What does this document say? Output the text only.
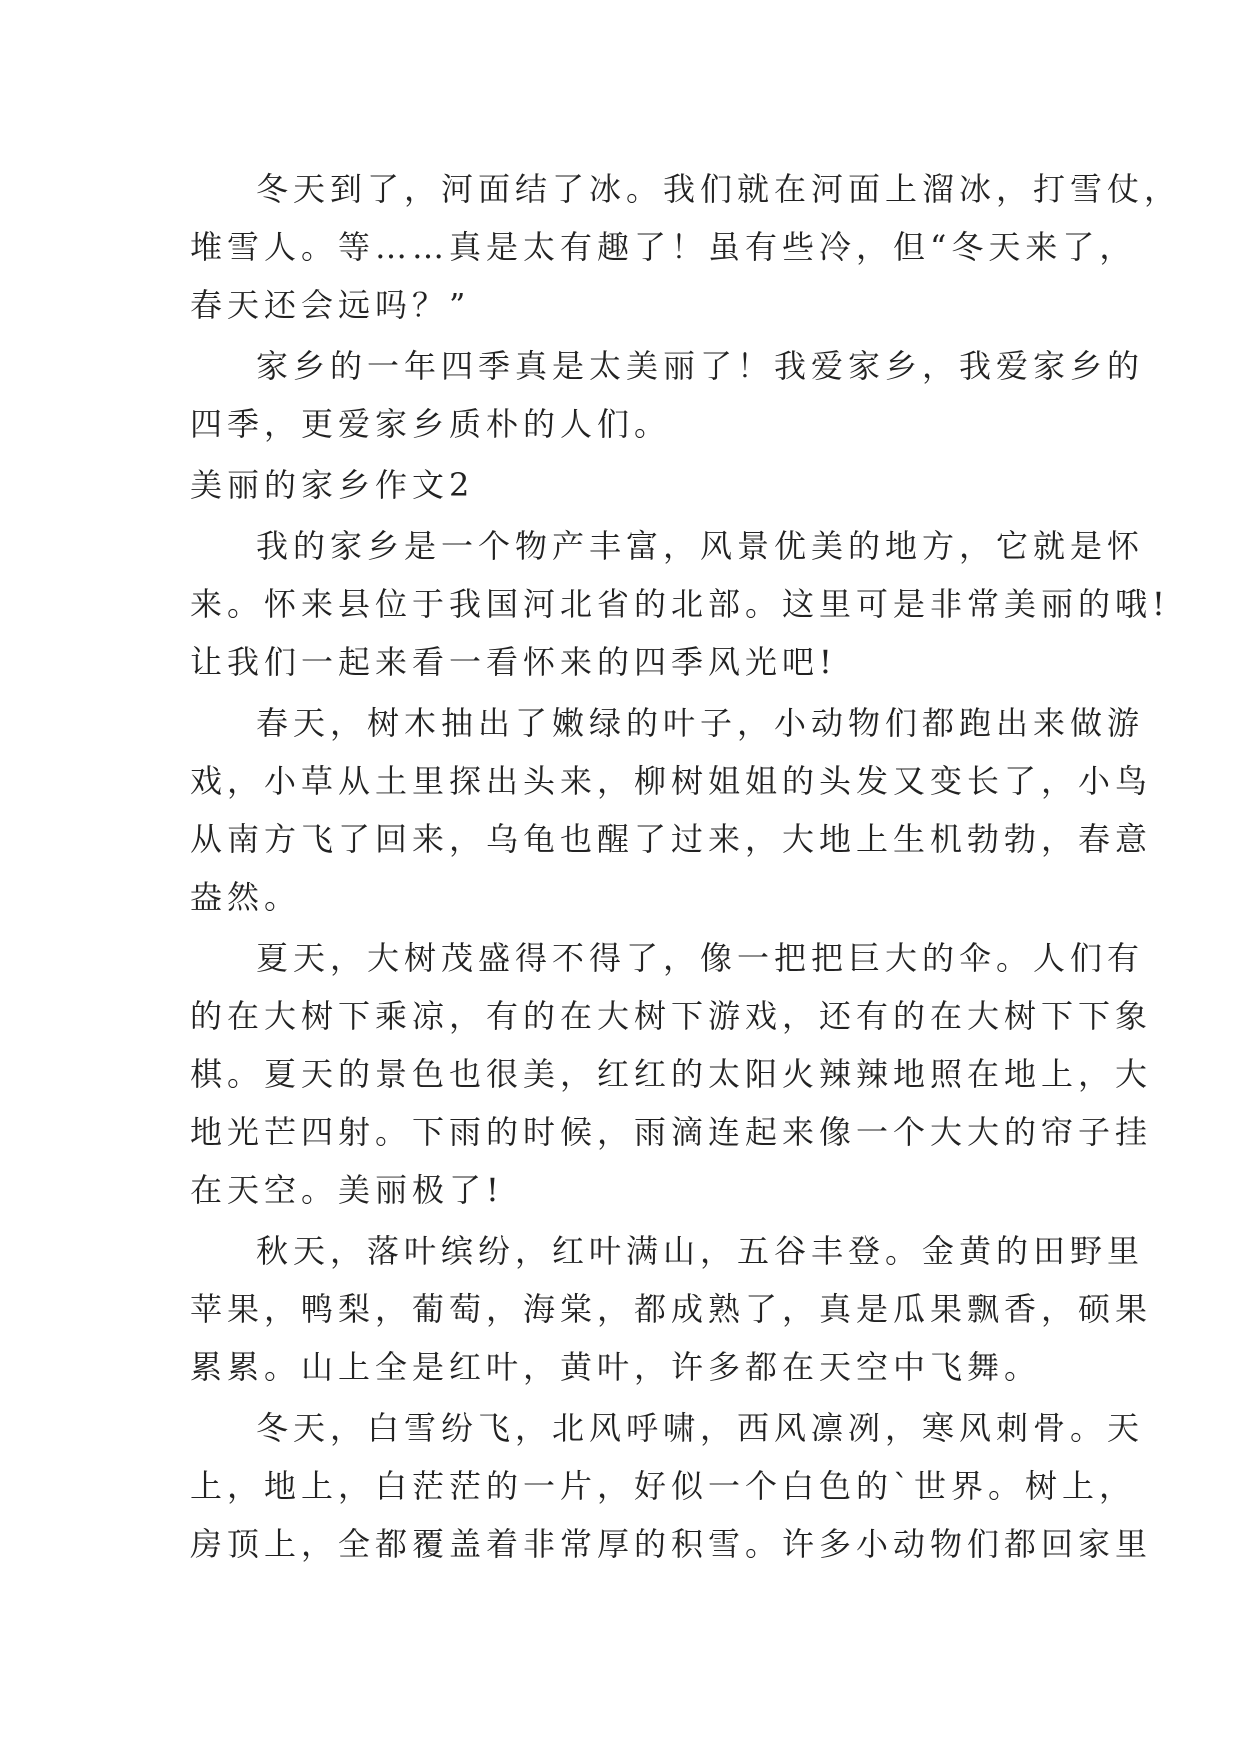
冬天到了，河面结了冰。我们就在河面上溜冰，打雪仗，
堆雪人。等……真是太有趣了！虽有些冷，但“冬天来了，
春天还会远吗？”

家乡的一年四季真是太美丽了！我爱家乡，我爱家乡的
四季，更爱家乡质朴的人们。

美丽的家乡作文2

我的家乡是一个物产丰富，风景优美的地方，它就是怀
来。怀来县位于我国河北省的北部。这里可是非常美丽的哦!
让我们一起来看一看怀来的四季风光吧!

春天，树木抽出了嫩绿的叶子，小动物们都跑出来做游
戏，小草从土里探出头来，柳树姐姐的头发又变长了，小鸟
从南方飞了回来，乌龟也醒了过来，大地上生机勃勃，春意
盎然。

夏天，大树茂盛得不得了，像一把把巨大的伞。人们有
的在大树下乘凉，有的在大树下游戏，还有的在大树下下象
棋。夏天的景色也很美，红红的太阳火辣辣地照在地上，大
地光芒四射。下雨的时候，雨滴连起来像一个大大的帘子挂
在天空。美丽极了!

秋天，落叶缤纷，红叶满山，五谷丰登。金黄的田野里
苹果，鸭梨，葡萄，海棠，都成熟了，真是瓜果飘香，硕果
累累。山上全是红叶，黄叶，许多都在天空中飞舞。

冬天，白雪纷飞，北风呼啸，西风凛冽，寒风刺骨。天
上，地上，白茫茫的一片，好似一个白色的`世界。树上，
房顶上，全都覆盖着非常厚的积雪。许多小动物们都回家里
